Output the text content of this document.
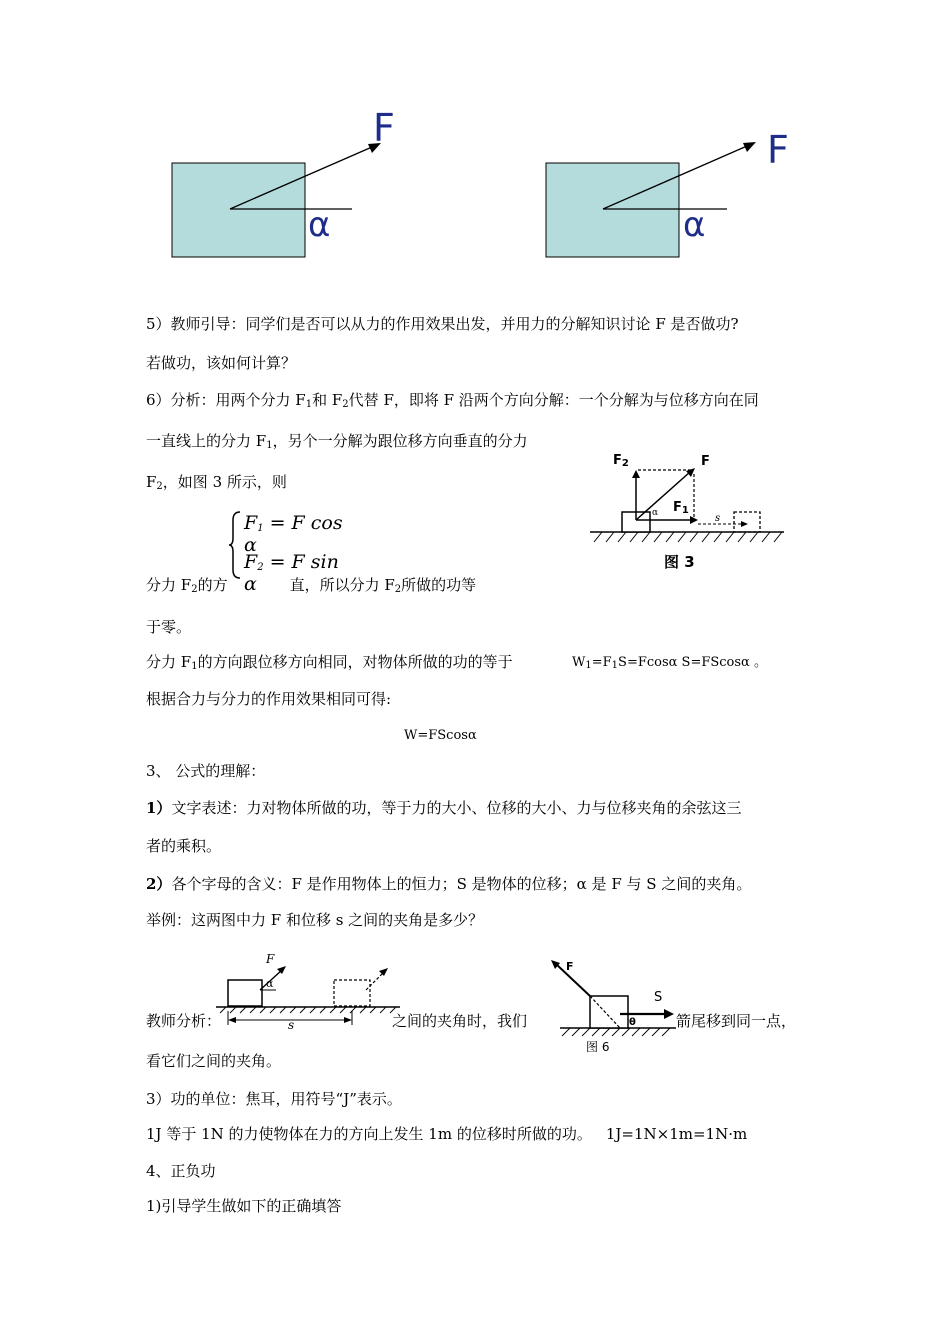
F
α
F
α
5）教师引导：同学们是否可以从力的作用效果出发，并用力的分解知识讨论 F 是否做功?
若做功，该如何计算？
6）分析：用两个分力 $F_1$和 $F_2$代替 F，即将 F 沿两个方向分解：一个分解为与位移方向在同
一直线上的分力 $F_1$，另个一分解为跟位移方向垂直的分力
$F_2$，如图 3 所示，则
$F_1 = F$ cos α
$F_2 = F$ sin α
$F_2$	F
$F_1$
α	s
图 3
分力 $F_2$的方	直，所以分力 $F_2$所做的功等
于零。
分力 $F_1$的方向跟位移方向相同，对物体所做的功的等于	$W_1=F_1S=Fcos\alpha$ S=FScosα 。
根据合力与分力的作用效果相同可得:
W=FScosα
3、 公式的理解：
1）文字表述：力对物体所做的功，等于力的大小、位移的大小、力与位移夹角的余弦这三
者的乘积。
2）各个字母的含义：F 是作用物体上的恒力；S 是物体的位移；α 是 F 与 S 之间的夹角。
举例：这两图中力 F 和位移 s 之间的夹角是多少？
F
α
s
F
S
θ
图 6
教师分析：	之间的夹角时，我们	箭尾移到同一点，
看它们之间的夹角。
3）功的单位：焦耳，用符号“J”表示。
1J 等于 1N 的力使物体在力的方向上发生 1m 的位移时所做的功。 1J=1N×1m=1N·m
4、正负功
1)引导学生做如下的正确填答
